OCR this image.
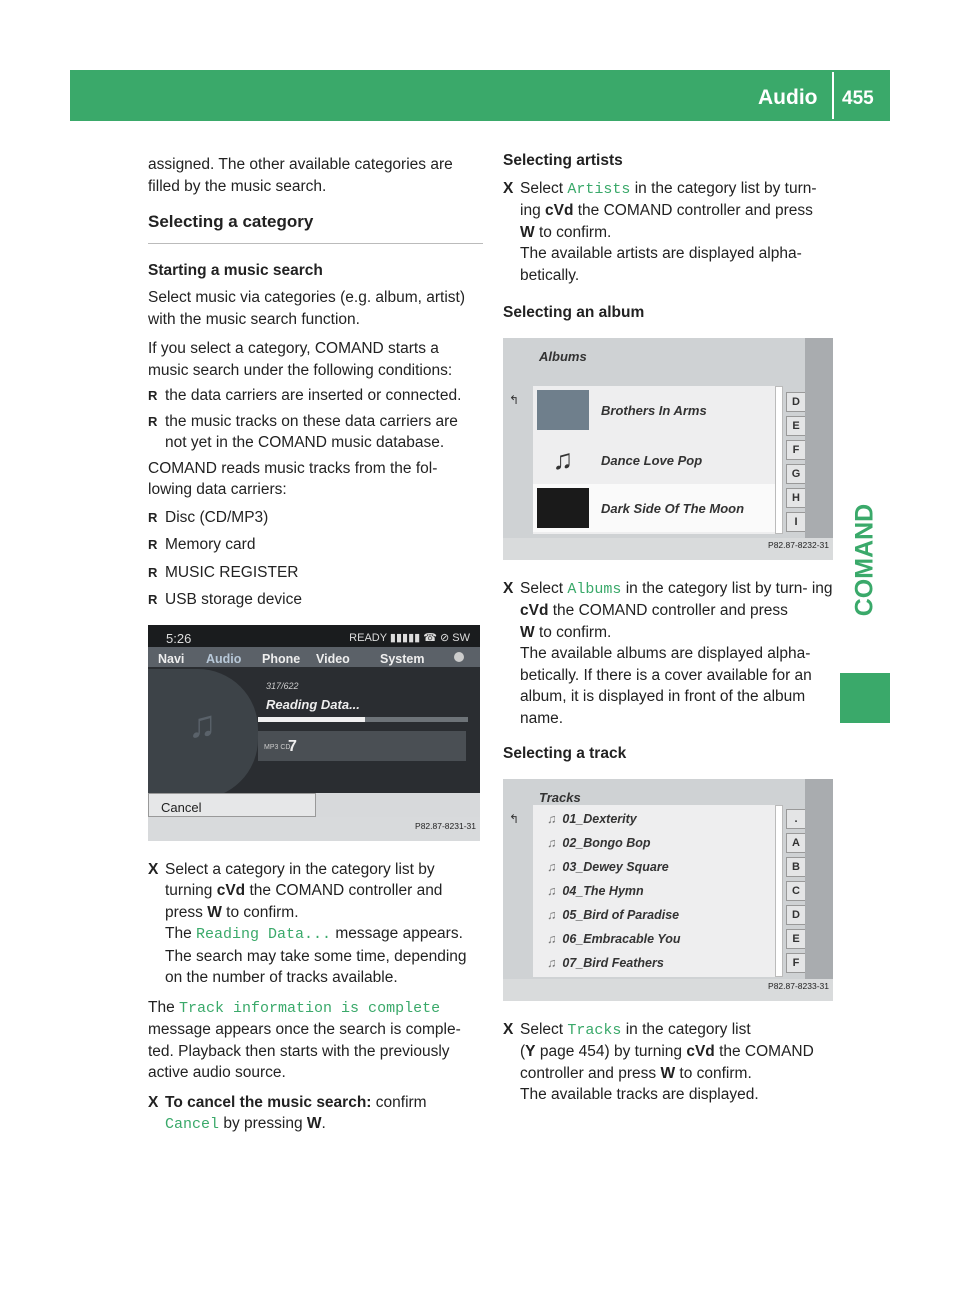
Audio 455
COMAND

assigned. The other available categories are filled by the music search.

Selecting a category
Starting a music search

Select music via categories (e.g. album, artist) with the music search function.

If you select a category, COMAND starts a music search under the following conditions:

R the data carriers are inserted or connected.
R the music tracks on these data carriers are not yet in the COMAND music database.

COMAND reads music tracks from the fol- lowing data carriers:

R Disc (CD/MP3)
R Memory card
R MUSIC REGISTER
R USB storage device
5:26	READY ▮▮▮▮▮ ☎ ⊘ SW
Navi Audio Phone Video System
♫
317/622
Reading Data...
MP3 CD
7
Cancel
P82.87-8231-31
X Select a category in the category list by turning cVd the COMAND controller and press W to confirm.
The Reading Data... message appears.
The search may take some time, depending on the number of tracks available.

The Track information is complete message appears once the search is comple- ted. Playback then starts with the previously active audio source.

X To cancel the music search: confirm
Cancel by pressing W.
Selecting artists
X Select Artists in the category list by turn- ing cVd the COMAND controller and press
W to confirm.
The available artists are displayed alpha- betically.
Selecting an album
Albums
↰
Brothers In Arms
♫	Dance Love Pop
Dark Side Of The Moon
D
E
F
G
H
I
P82.87-8232-31
X Select Albums in the category list by turn- ing cVd the COMAND controller and press
W to confirm.
The available albums are displayed alpha- betically. If there is a cover available for an album, it is displayed in front of the album name.
Selecting a track
Tracks
↰ ♫ 01_Dexterity
♫ 02_Bongo Bop
♫ 03_Dewey Square
♫ 04_The Hymn
♫ 05_Bird of Paradise
♫ 06_Embracable You
♫ 07_Bird Feathers
.
A
B
C
D
E
F
P82.87-8233-31
X Select Tracks in the category list
(Y page 454) by turning cVd the COMAND controller and press W to confirm.
The available tracks are displayed.
